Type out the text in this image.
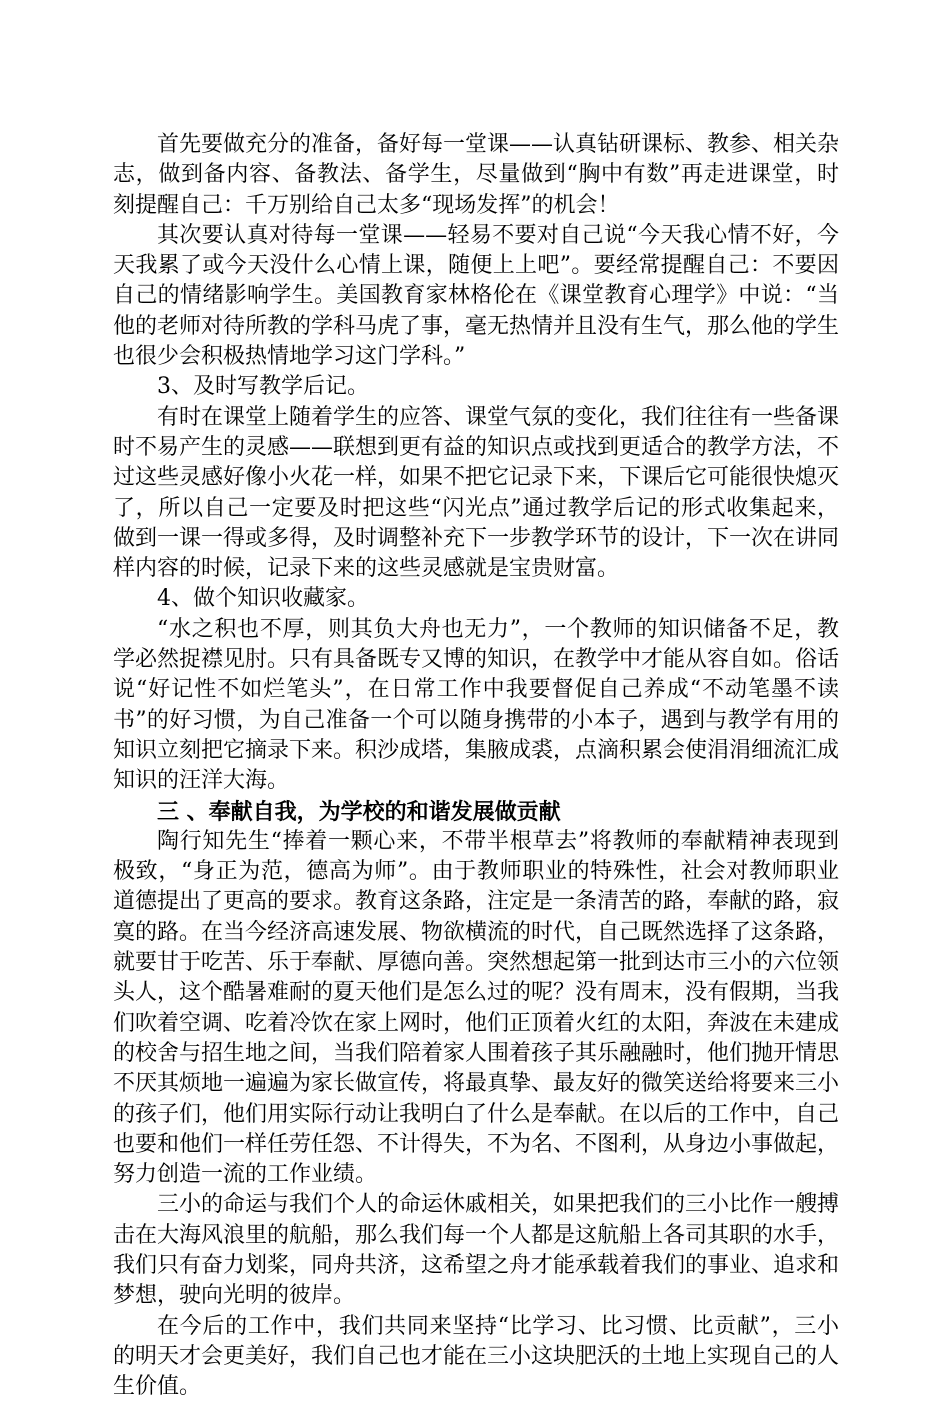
首先要做充分的准备，备好每一堂课——认真钻研课标、教参、相关杂志，做到备内容、备教法、备学生，尽量做到“胸中有数”再走进课堂，时刻提醒自己：千万别给自己太多“现场发挥”的机会！

其次要认真对待每一堂课——轻易不要对自己说“今天我心情不好，今天我累了或今天没什么心情上课，随便上上吧”。要经常提醒自己：不要因自己的情绪影响学生。美国教育家林格伦在《课堂教育心理学》中说：“当他的老师对待所教的学科马虎了事，毫无热情并且没有生气，那么他的学生也很少会积极热情地学习这门学科。”

3、及时写教学后记。

有时在课堂上随着学生的应答、课堂气氛的变化，我们往往有一些备课时不易产生的灵感——联想到更有益的知识点或找到更适合的教学方法，不过这些灵感好像小火花一样，如果不把它记录下来，下课后它可能很快熄灭了，所以自己一定要及时把这些“闪光点”通过教学后记的形式收集起来，做到一课一得或多得，及时调整补充下一步教学环节的设计，下一次在讲同样内容的时候，记录下来的这些灵感就是宝贵财富。

4、做个知识收藏家。

“水之积也不厚，则其负大舟也无力”，一个教师的知识储备不足，教学必然捉襟见肘。只有具备既专又博的知识，在教学中才能从容自如。俗话说“好记性不如烂笔头”，在日常工作中我要督促自己养成“不动笔墨不读书”的好习惯，为自己准备一个可以随身携带的小本子，遇到与教学有用的知识立刻把它摘录下来。积沙成塔，集腋成裘，点滴积累会使涓涓细流汇成知识的汪洋大海。

三 、奉献自我，为学校的和谐发展做贡献

陶行知先生“捧着一颗心来，不带半根草去”将教师的奉献精神表现到极致，“身正为范，德高为师”。由于教师职业的特殊性，社会对教师职业道德提出了更高的要求。教育这条路，注定是一条清苦的路，奉献的路，寂寞的路。在当今经济高速发展、物欲横流的时代，自己既然选择了这条路，就要甘于吃苦、乐于奉献、厚德向善。突然想起第一批到达市三小的六位领头人，这个酷暑难耐的夏天他们是怎么过的呢？没有周末，没有假期，当我们吹着空调、吃着冷饮在家上网时，他们正顶着火红的太阳，奔波在未建成的校舍与招生地之间，当我们陪着家人围着孩子其乐融融时，他们抛开情思不厌其烦地一遍遍为家长做宣传，将最真挚、最友好的微笑送给将要来三小的孩子们，他们用实际行动让我明白了什么是奉献。在以后的工作中，自己也要和他们一样任劳任怨、不计得失，不为名、不图利，从身边小事做起，努力创造一流的工作业绩。

三小的命运与我们个人的命运休戚相关，如果把我们的三小比作一艘搏击在大海风浪里的航船，那么我们每一个人都是这航船上各司其职的水手，我们只有奋力划桨，同舟共济，这希望之舟才能承载着我们的事业、追求和梦想，驶向光明的彼岸。

在今后的工作中，我们共同来坚持“比学习、比习惯、比贡献”，三小的明天才会更美好，我们自己也才能在三小这块肥沃的土地上实现自己的人生价值。
